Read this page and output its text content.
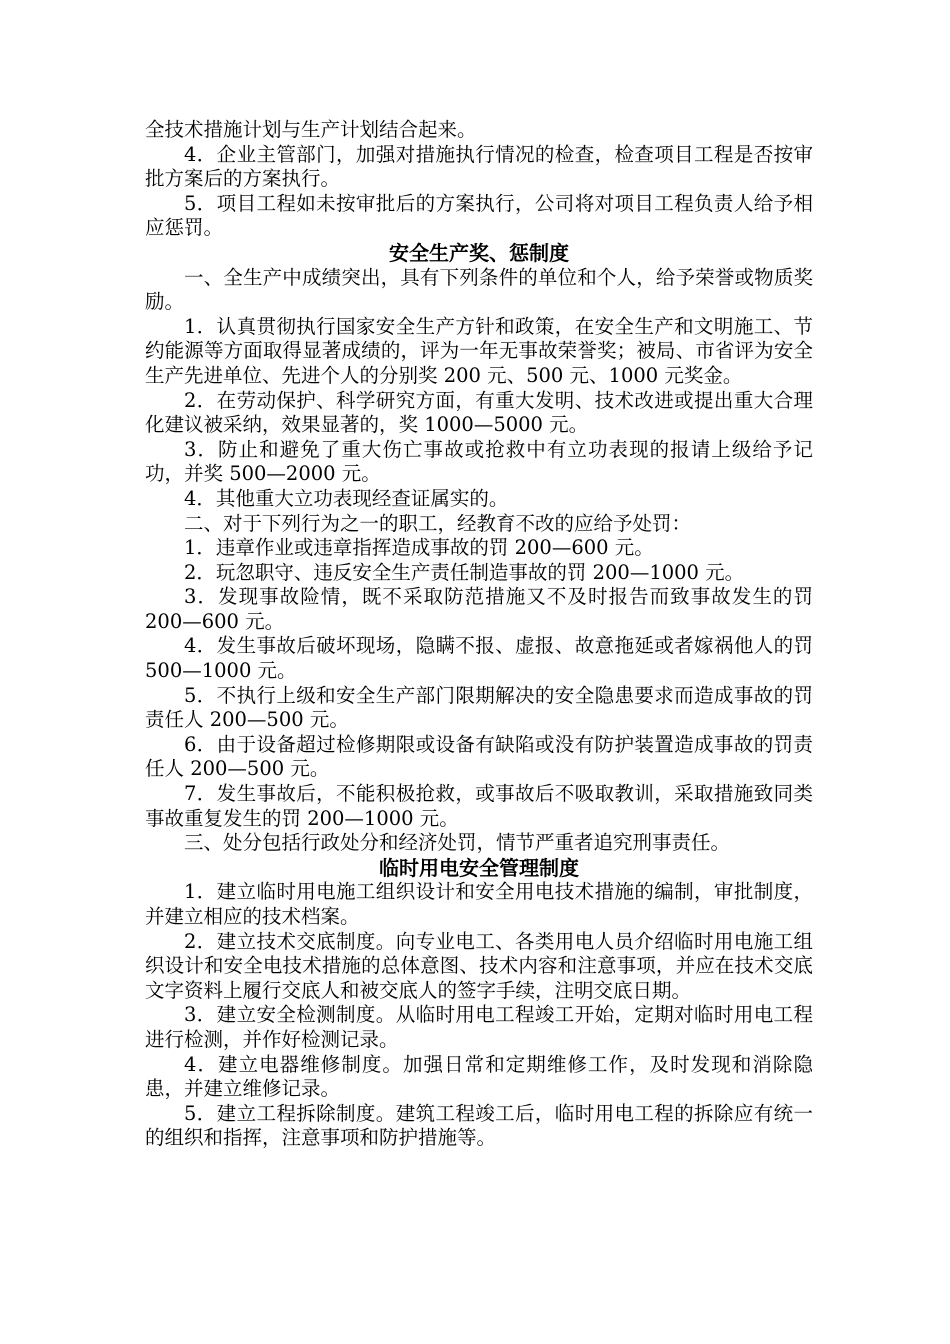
全技术措施计划与生产计划结合起来。

4．企业主管部门，加强对措施执行情况的检查，检查项目工程是否按审批方案后的方案执行。

5．项目工程如未按审批后的方案执行，公司将对项目工程负责人给予相应惩罚。

安全生产奖、惩制度

一、全生产中成绩突出，具有下列条件的单位和个人，给予荣誉或物质奖励。

1．认真贯彻执行国家安全生产方针和政策，在安全生产和文明施工、节约能源等方面取得显著成绩的，评为一年无事故荣誉奖；被局、市省评为安全生产先进单位、先进个人的分别奖 200 元、500 元、1000 元奖金。

2．在劳动保护、科学研究方面，有重大发明、技术改进或提出重大合理化建议被采纳，效果显著的，奖 1000—5000 元。

3．防止和避免了重大伤亡事故或抢救中有立功表现的报请上级给予记功，并奖 500—2000 元。

4．其他重大立功表现经查证属实的。

二、对于下列行为之一的职工，经教育不改的应给予处罚：

1．违章作业或违章指挥造成事故的罚 200—600 元。

2．玩忽职守、违反安全生产责任制造事故的罚 200—1000 元。

3．发现事故险情，既不采取防范措施又不及时报告而致事故发生的罚 200—600 元。

4．发生事故后破坏现场，隐瞒不报、虚报、故意拖延或者嫁祸他人的罚 500—1000 元。

5．不执行上级和安全生产部门限期解决的安全隐患要求而造成事故的罚责任人 200—500 元。

6．由于设备超过检修期限或设备有缺陷或没有防护装置造成事故的罚责任人 200—500 元。

7．发生事故后，不能积极抢救，或事故后不吸取教训，采取措施致同类事故重复发生的罚 200—1000 元。

三、处分包括行政处分和经济处罚，情节严重者追究刑事责任。

临时用电安全管理制度

1．建立临时用电施工组织设计和安全用电技术措施的编制，审批制度，并建立相应的技术档案。

2．建立技术交底制度。向专业电工、各类用电人员介绍临时用电施工组织设计和安全电技术措施的总体意图、技术内容和注意事项，并应在技术交底 文字资料上履行交底人和被交底人的签字手续，注明交底日期。

3．建立安全检测制度。从临时用电工程竣工开始，定期对临时用电工程进行检测，并作好检测记录。

4．建立电器维修制度。加强日常和定期维修工作，及时发现和消除隐患，并建立维修记录。

5．建立工程拆除制度。建筑工程竣工后，临时用电工程的拆除应有统一的组织和指挥，注意事项和防护措施等。
